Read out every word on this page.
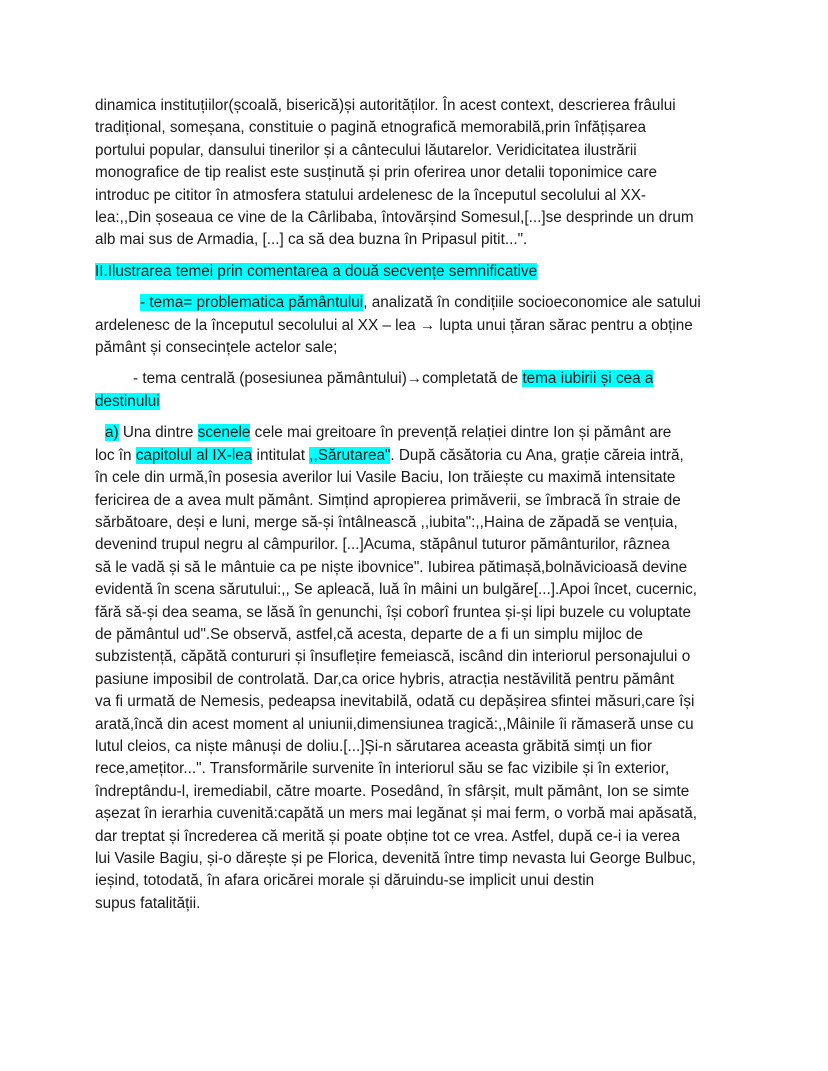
dinamica instituțiilor(școală, biserică)și autorităților. În acest context, descrierea frâului
tradițional, someșana, constituie o pagină etnografică memorabilă,prin înfățișarea
portului popular, dansului tinerilor și a cântecului lăutarelor. Veridicitatea ilustrării
monografice de tip realist este susținută și prin oferirea unor detalii toponimice care
introduc pe cititor în atmosfera statului ardelenesc de la începutul secolului al XX-
lea:,,Din șoseaua ce vine de la Cârlibaba, întovărșind Somesul,[...]se desprinde un drum
alb mai sus de Armadia, [...] ca să dea buzna în Pripasul pitit...".
II.Ilustrarea temei prin comentarea a două secvențe semnificative
- tema= problematica pământului, analizată în condițiile socioeconomice ale satului
ardelenesc de la începutul secolului al XX – lea → lupta unui țăran sărac pentru a obține
pământ și consecințele actelor sale;
- tema centrală (posesiunea pământului)→completată de tema iubirii și cea a
destinului
a) Una dintre scenele cele mai greitoare în prevență relației dintre Ion și pământ are
loc în capitolul al IX-lea intitulat ,,Sărutarea". După căsătoria cu Ana, grație căreia intră,
în cele din urmă,în posesia averilor lui Vasile Baciu, Ion trăiește cu maximă intensitate
fericirea de a avea mult pământ. Simțind apropierea primăverii, se îmbracă în straie de
sărbătoare, deși e luni, merge să-și întâlnească ,,iubita":,,Haina de zăpadă se vențuia,
devenind trupul negru al câmpurilor. [...]Acuma, stăpânul tuturor pământurilor, râznea
să le vadă și să le mântuie ca pe niște ibovnice". Iubirea pătimașă,bolnăvicioasă devine
evidentă în scena sărutului:,, Se apleacă, luă în mâini un bulgăre[...].Apoi încet, cucernic,
fără să-și dea seama, se lăsă în genunchi, își coborî fruntea și-și lipi buzele cu voluptate
de pământul ud".Se observă, astfel,că acesta, departe de a fi un simplu mijloc de
subzistență, căpătă contururi și însuflețire femeiască, iscând din interiorul personajului o
pasiune imposibil de controlată. Dar,ca orice hybris, atracția nestăvilită pentru pământ
va fi urmată de Nemesis, pedeapsa inevitabilă, odată cu depășirea sfintei măsuri,care își
arată,încă din acest moment al uniunii,dimensiunea tragică:,,Mâinile îi rămaseră unse cu
lutul cleios, ca niște mânuși de doliu.[...]Și-n sărutarea aceasta grăbită simți un fior
rece,amețitor...". Transformările survenite în interiorul său se fac vizibile și în exterior,
îndreptându-l, iremediabil, către moarte. Posedând, în sfârșit, mult pământ, Ion se simte
așezat în ierarhia cuvenită:capătă un mers mai legănat și mai ferm, o vorbă mai apăsată,
dar treptat și încrederea că merită și poate obține tot ce vrea. Astfel, după ce-i ia verea
lui Vasile Bagiu, și-o dărește și pe Florica, devenită între timp nevasta lui George Bulbuc,
ieșind, totodată, în afara oricărei morale și dăruindu-se implicit unui destin
supus fatalității.
